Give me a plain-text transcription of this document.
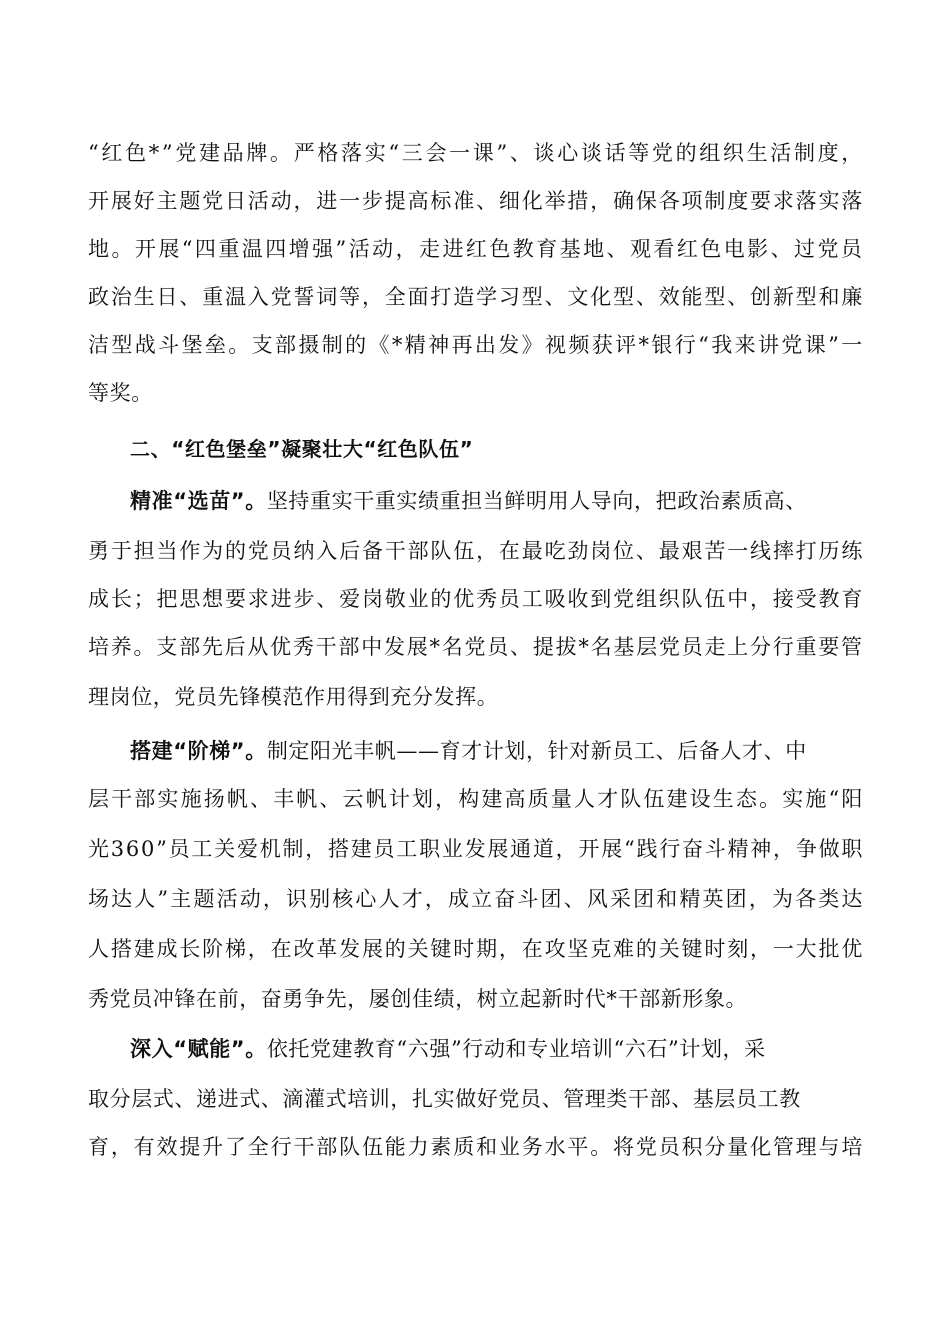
“ 红 色 * ” 党 建 品 牌 。 严 格 落 实 “ 三 会 一 课 ” 、 谈 心 谈 话 等 党 的 组 织 生 活 制 度 ，
开 展 好 主 题 党 日 活 动 ， 进 一 步 提 高 标 准 、 细 化 举 措 ， 确 保 各 项 制 度 要 求 落 实 落
地 。 开 展 “ 四 重 温 四 增 强 ” 活 动 ， 走 进 红 色 教 育 基 地 、 观 看 红 色 电 影 、 过 党 员
政 治 生 日 、 重 温 入 党 誓 词 等 ， 全 面 打 造 学 习 型 、 文 化 型 、 效 能 型 、 创 新 型 和 廉
洁 型 战 斗 堡 垒 。 支 部 摄 制 的 《 * 精 神 再 出 发 》 视 频 获 评 * 银 行 “ 我 来 讲 党 课 ” 一
等奖。
二、“红色堡垒”凝聚壮大“红色队伍”
精准“选苗”。坚持重实干重实绩重担当鲜明用人导向，把政治素质高、
勇 于 担 当 作 为 的 党 员 纳 入 后 备 干 部 队 伍 ， 在 最 吃 劲 岗 位 、 最 艰 苦 一 线 摔 打 历 练
成 长 ； 把 思 想 要 求 进 步 、 爱 岗 敬 业 的 优 秀 员 工 吸 收 到 党 组 织 队 伍 中 ， 接 受 教 育
培 养 。 支 部 先 后 从 优 秀 干 部 中 发 展 * 名 党 员 、 提 拔 * 名 基 层 党 员 走 上 分 行 重 要 管
理岗位，党员先锋模范作用得到充分发挥。
搭建“阶梯”。制定阳光丰帆——育才计划，针对新员工、后备人才、中
层 干 部 实 施 扬 帆 、 丰 帆 、 云 帆 计 划 ， 构 建 高 质 量 人 才 队 伍 建 设 生 态 。 实 施 “ 阳
光 3 6 0 ” 员 工 关 爱 机 制 ， 搭 建 员 工 职 业 发 展 通 道 ， 开 展 “ 践 行 奋 斗 精 神 ， 争 做 职
场 达 人 ” 主 题 活 动 ， 识 别 核 心 人 才 ， 成 立 奋 斗 团 、 风 采 团 和 精 英 团 ， 为 各 类 达
人 搭 建 成 长 阶 梯 ， 在 改 革 发 展 的 关 键 时 期 ， 在 攻 坚 克 难 的 关 键 时 刻 ， 一 大 批 优
秀党员冲锋在前，奋勇争先，屡创佳绩，树立起新时代*干部新形象。
深入“赋能”。依托党建教育“六强”行动和专业培训“六石”计划，采
取分层式、递进式、滴灌式培训，扎实做好党员、管理类干部、基层员工教
育 ， 有 效 提 升 了 全 行 干 部 队 伍 能 力 素 质 和 业 务 水 平 。 将 党 员 积 分 量 化 管 理 与 培
